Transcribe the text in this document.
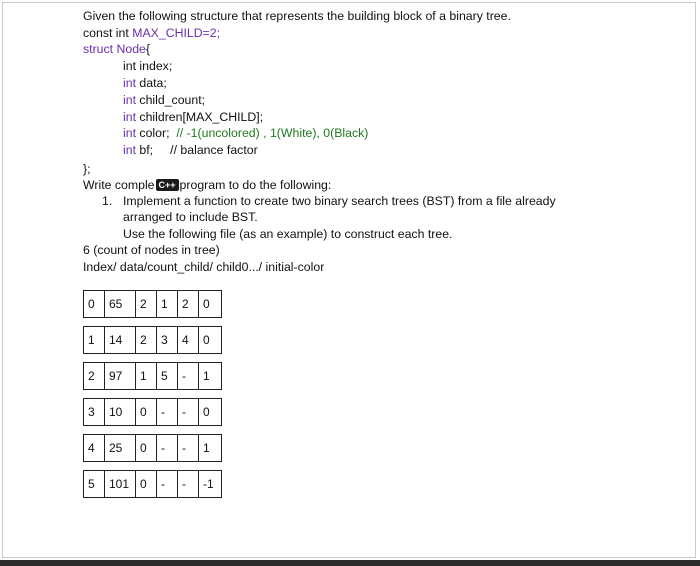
Given the following structure that represents the building block of a binary tree.
const int MAX_CHILD=2;
struct Node{
int index;
int data;
int child_count;
int children[MAX_CHILD];
int color;  // -1(uncolored) , 1(White), 0(Black)
int bf;     // balance factor
};
Write comple C++ program to do the following:
1. Implement a function to create two binary search trees (BST) from a file already
arranged to include BST.
Use the following file (as an example) to construct each tree.
6 (count of nodes in tree)
Index/ data/count_child/ child0.../ initial-color
0	65	2	1	2	0

1	14	2	3	4	0

2	97	1	5	-	1

3	10	0	-	-	0

4	25	0	-	-	1

5	101	0	-	-	-1
